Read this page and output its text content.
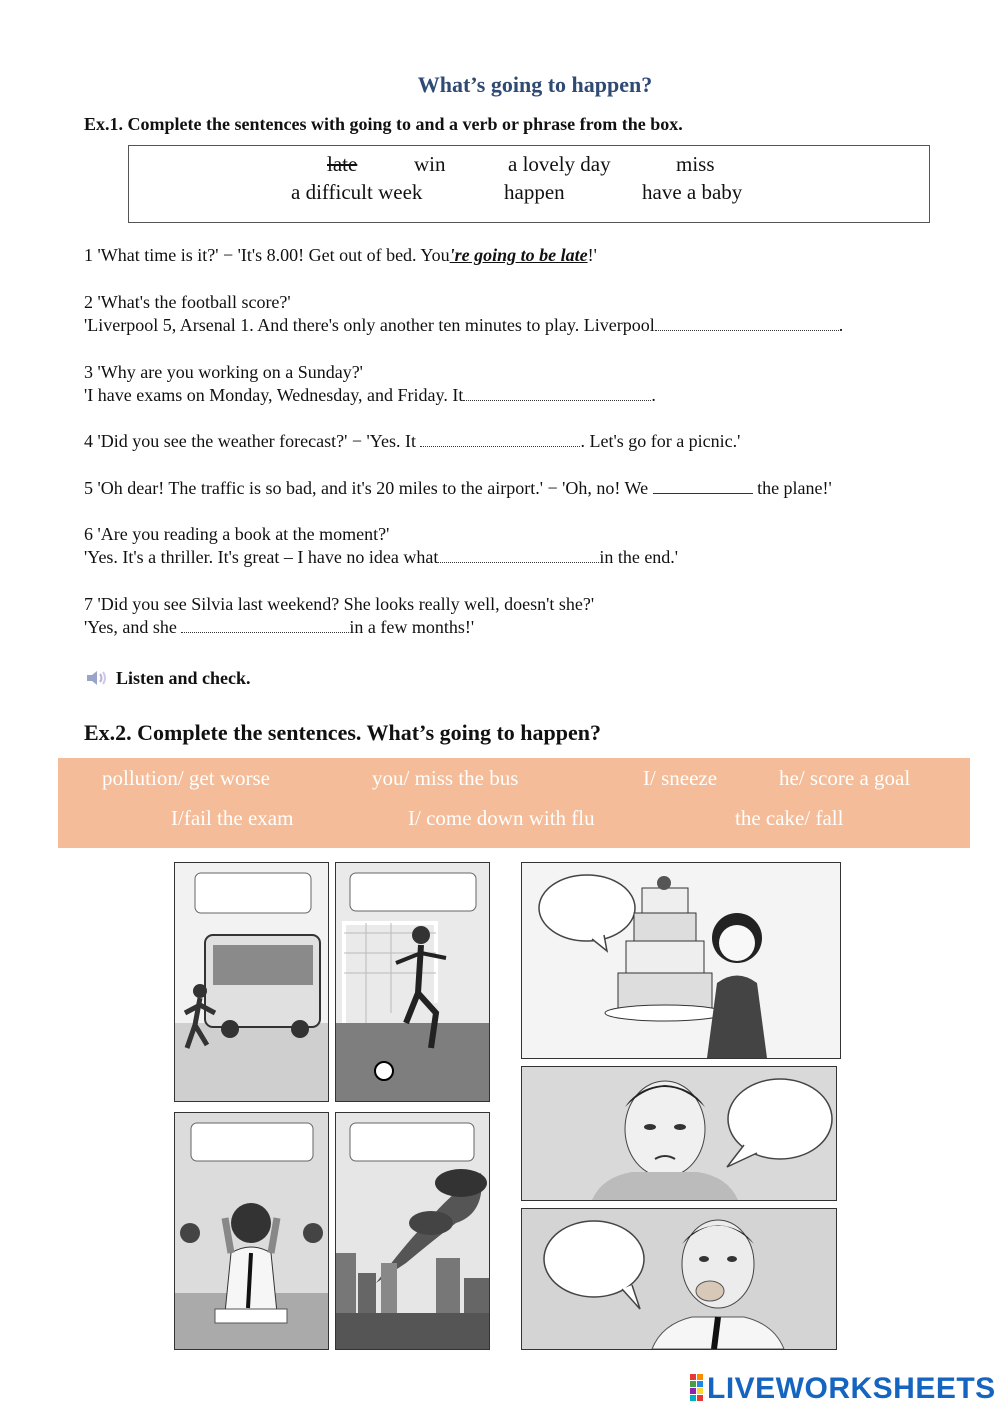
What’s going to happen?
Ex.1. Complete the sentences with going to and a verb or phrase from the box.
late	win	a lovely day	miss
a difficult week	happen	have a baby
1 'What time is it?' − 'It's 8.00! Get out of bed. You're going to be late!'
2 'What's the football score?'
'Liverpool 5, Arsenal 1. And there's only another ten minutes to play. Liverpool	.
3 'Why are you working on a Sunday?'
'I have exams on Monday, Wednesday, and Friday. It	.
4 'Did you see the weather forecast?' − 'Yes. It	. Let's go for a picnic.'
5 'Oh dear! The traffic is so bad, and it's 20 miles to the airport.' − 'Oh, no! We	the plane!'
6 'Are you reading a book at the moment?'
'Yes. It's a thriller. It's great – I have no idea what	in the end.'
7 'Did you see Silvia last weekend? She looks really well, doesn't she?'
'Yes, and she	in a few months!'
Listen and check.
Ex.2. Complete the sentences. What’s going to happen?
pollution/ get worse	you/ miss the bus	I/ sneeze	he/ score a goal
I/fail the exam	I/ come down with flu	the cake/ fall
LIVEWORKSHEETS
